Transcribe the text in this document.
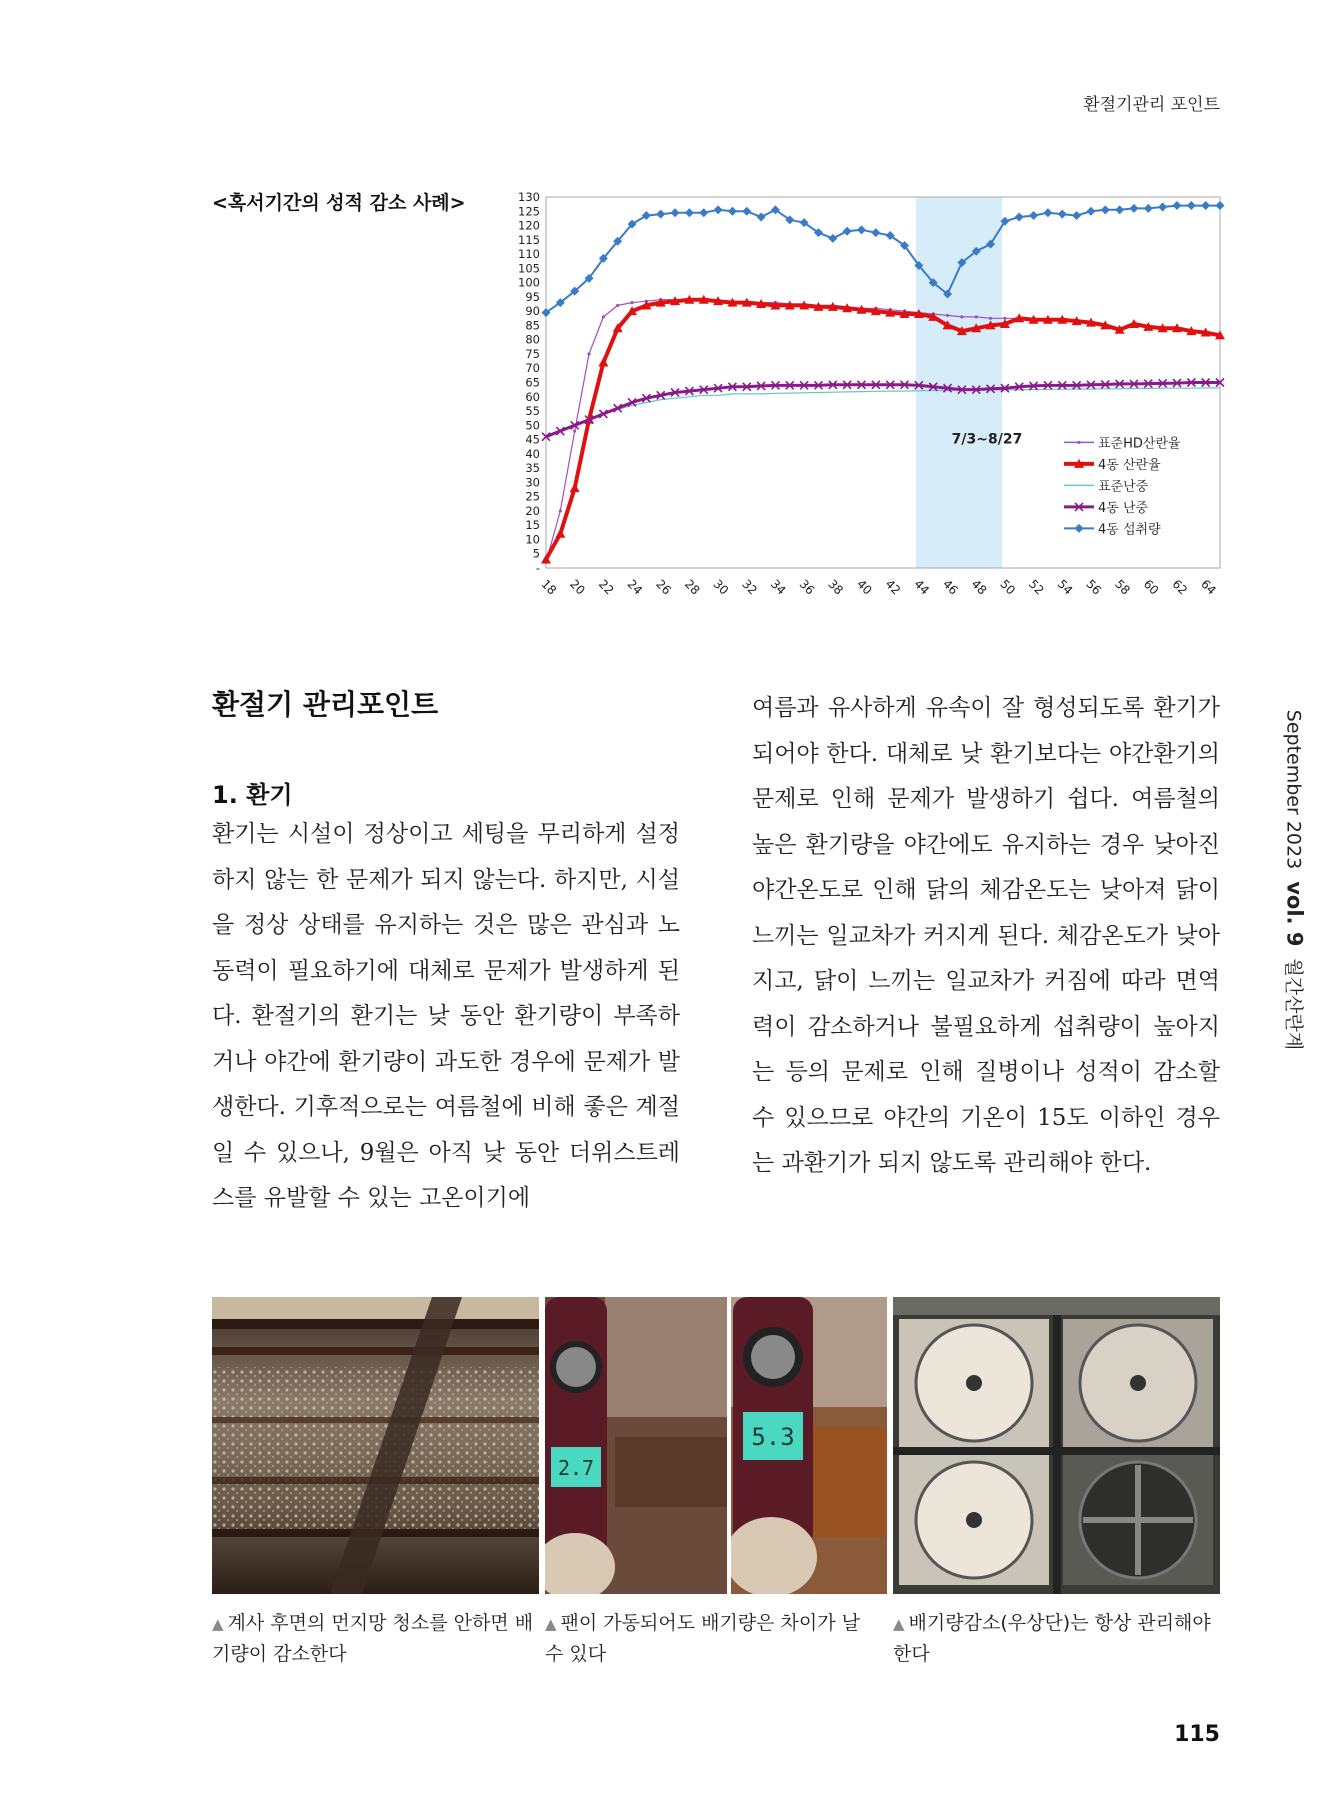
환절기관리 포인트
<혹서기간의 성적 감소 사례>
-
5
10
15
20
25
30
35
40
45
50
55
60
65
70
75
80
85
90
95
100
105
110
115
120
125
130
18 20 22 24 26 28 30 32 34 36 38 40 42 44 46 48 50 52 54 56 58 60 62 64
7/3~8/27	표준HD산란율
4동 산란율
표준난중
4동 난중
4동 섭취량
환절기 관리포인트
1. 환기
환기는 시설이 정상이고 세팅을 무리하게 설정하지 않는 한 문제가 되지 않는다. 하지만, 시설을 정상 상태를 유지하는 것은 많은 관심과 노동력이 필요하기에 대체로 문제가 발생하게 된다. 환절기의 환기는 낮 동안 환기량이 부족하거나 야간에 환기량이 과도한 경우에 문제가 발생한다. 기후적으로는 여름철에 비해 좋은 계절일 수 있으나, 9월은 아직 낮 동안 더위스트레스를 유발할 수 있는 고온이기에
여름과 유사하게 유속이 잘 형성되도록 환기가 되어야 한다. 대체로 낮 환기보다는 야간환기의 문제로 인해 문제가 발생하기 쉽다. 여름철의 높은 환기량을 야간에도 유지하는 경우 낮아진 야간온도로 인해 닭의 체감온도는 낮아져 닭이 느끼는 일교차가 커지게 된다. 체감온도가 낮아지고, 닭이 느끼는 일교차가 커짐에 따라 면역력이 감소하거나 불필요하게 섭취량이 높아지는 등의 문제로 인해 질병이나 성적이 감소할 수 있으므로 야간의 기온이 15도 이하인 경우는 과환기가 되지 않도록 관리해야 한다.
September 2023vol. 9월간산란계
2.7
5.3
▲ 계사 후면의 먼지망 청소를 안하면 배기량이 감소한다
▲ 팬이 가동되어도 배기량은 차이가 날 수 있다
▲ 배기량감소(우상단)는 항상 관리해야 한다
115
